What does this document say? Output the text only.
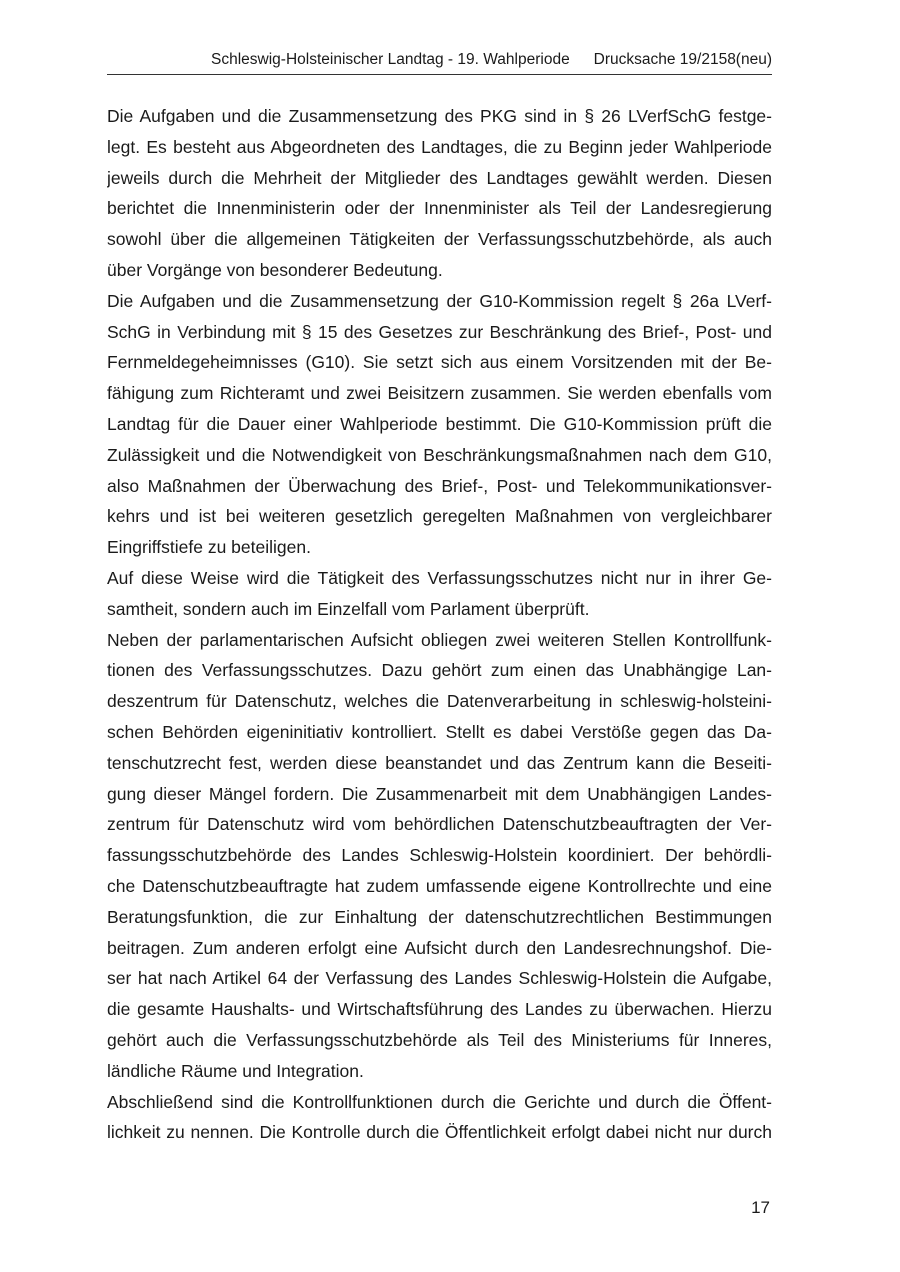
Schleswig-Holsteinischer Landtag - 19. Wahlperiode Drucksache 19/2158(neu)
Die Aufgaben und die Zusammensetzung des PKG sind in § 26 LVerfSchG festge-
legt. Es besteht aus Abgeordneten des Landtages, die zu Beginn jeder Wahlperiode
jeweils durch die Mehrheit der Mitglieder des Landtages gewählt werden. Diesen
berichtet die Innenministerin oder der Innenminister als Teil der Landesregierung
sowohl über die allgemeinen Tätigkeiten der Verfassungsschutzbehörde, als auch
über Vorgänge von besonderer Bedeutung.
Die Aufgaben und die Zusammensetzung der G10-Kommission regelt § 26a LVerf-
SchG in Verbindung mit § 15 des Gesetzes zur Beschränkung des Brief-, Post- und
Fernmeldegeheimnisses (G10). Sie setzt sich aus einem Vorsitzenden mit der Be-
fähigung zum Richteramt und zwei Beisitzern zusammen. Sie werden ebenfalls vom
Landtag für die Dauer einer Wahlperiode bestimmt. Die G10-Kommission prüft die
Zulässigkeit und die Notwendigkeit von Beschränkungsmaßnahmen nach dem G10,
also Maßnahmen der Überwachung des Brief-, Post- und Telekommunikationsver-
kehrs und ist bei weiteren gesetzlich geregelten Maßnahmen von vergleichbarer
Eingriffstiefe zu beteiligen.
Auf diese Weise wird die Tätigkeit des Verfassungsschutzes nicht nur in ihrer Ge-
samtheit, sondern auch im Einzelfall vom Parlament überprüft.
Neben der parlamentarischen Aufsicht obliegen zwei weiteren Stellen Kontrollfunk-
tionen des Verfassungsschutzes. Dazu gehört zum einen das Unabhängige Lan-
deszentrum für Datenschutz, welches die Datenverarbeitung in schleswig-holsteini-
schen Behörden eigeninitiativ kontrolliert. Stellt es dabei Verstöße gegen das Da-
tenschutzrecht fest, werden diese beanstandet und das Zentrum kann die Beseiti-
gung dieser Mängel fordern. Die Zusammenarbeit mit dem Unabhängigen Landes-
zentrum für Datenschutz wird vom behördlichen Datenschutzbeauftragten der Ver-
fassungsschutzbehörde des Landes Schleswig-Holstein koordiniert. Der behördli-
che Datenschutzbeauftragte hat zudem umfassende eigene Kontrollrechte und eine
Beratungsfunktion, die zur Einhaltung der datenschutzrechtlichen Bestimmungen
beitragen. Zum anderen erfolgt eine Aufsicht durch den Landesrechnungshof. Die-
ser hat nach Artikel 64 der Verfassung des Landes Schleswig-Holstein die Aufgabe,
die gesamte Haushalts- und Wirtschaftsführung des Landes zu überwachen. Hierzu
gehört auch die Verfassungsschutzbehörde als Teil des Ministeriums für Inneres,
ländliche Räume und Integration.
Abschließend sind die Kontrollfunktionen durch die Gerichte und durch die Öffent-
lichkeit zu nennen. Die Kontrolle durch die Öffentlichkeit erfolgt dabei nicht nur durch
17
